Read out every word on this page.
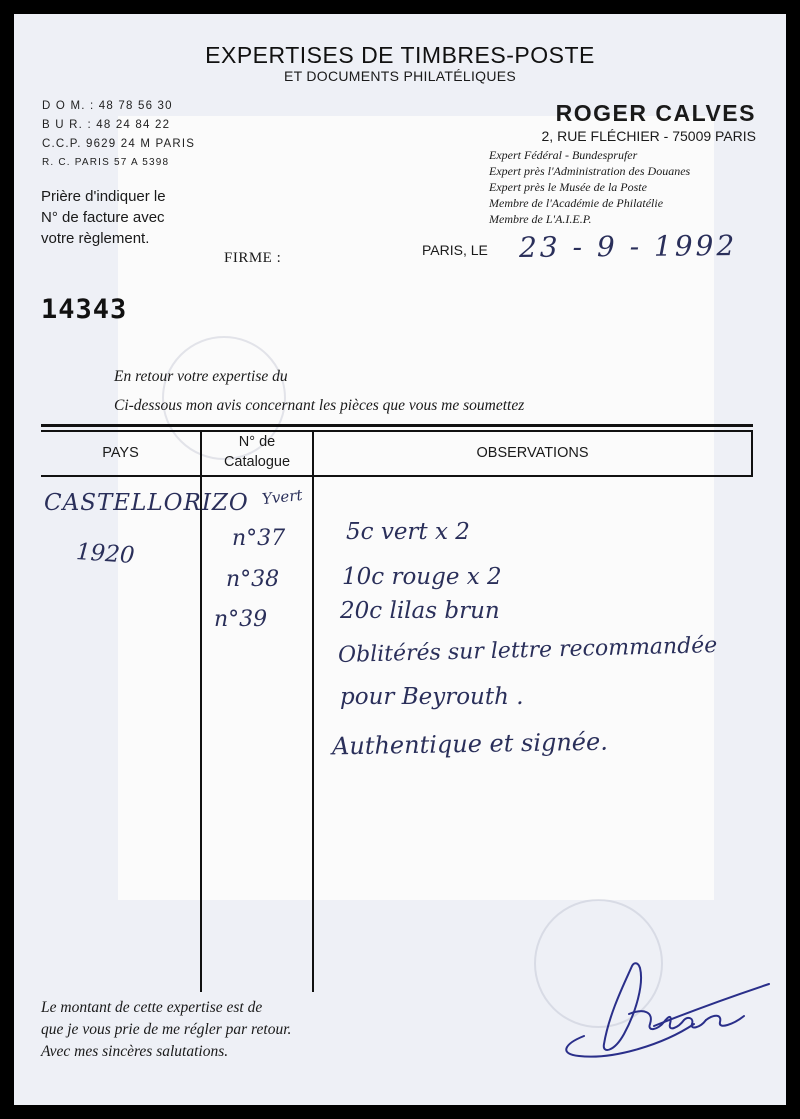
EXPERTISES DE TIMBRES-POSTE
ET DOCUMENTS PHILATÉLIQUES
D O M. : 48 78 56 30
B U R. : 48 24 84 22
C.C.P. 9629 24 M PARIS
R. C. PARIS 57 A 5398
ROGER CALVES
2, RUE FLÉCHIER - 75009 PARIS
Expert Fédéral - Bundesprufer
Expert près l'Administration des Douanes
Expert près le Musée de la Poste
Membre de l'Académie de Philatélie
Membre de L'A.I.E.P.
Prière d'indiquer le
N° de facture avec
votre règlement.
FIRME :	PARIS, LE 23 - 9 - 1992
14343
En retour votre expertise du
Ci-dessous mon avis concernant les pièces que vous me soumettez
PAYS
N° de
Catalogue
OBSERVATIONS
CASTELLORIZO Yvert
1920
n°37
n°38
n°39
5c vert x 2
10c rouge x 2
20c lilas brun
Oblitérés sur lettre recommandée
pour Beyrouth .
Authentique et signée.
Le montant de cette expertise est de
que je vous prie de me régler par retour.
Avec mes sincères salutations.
